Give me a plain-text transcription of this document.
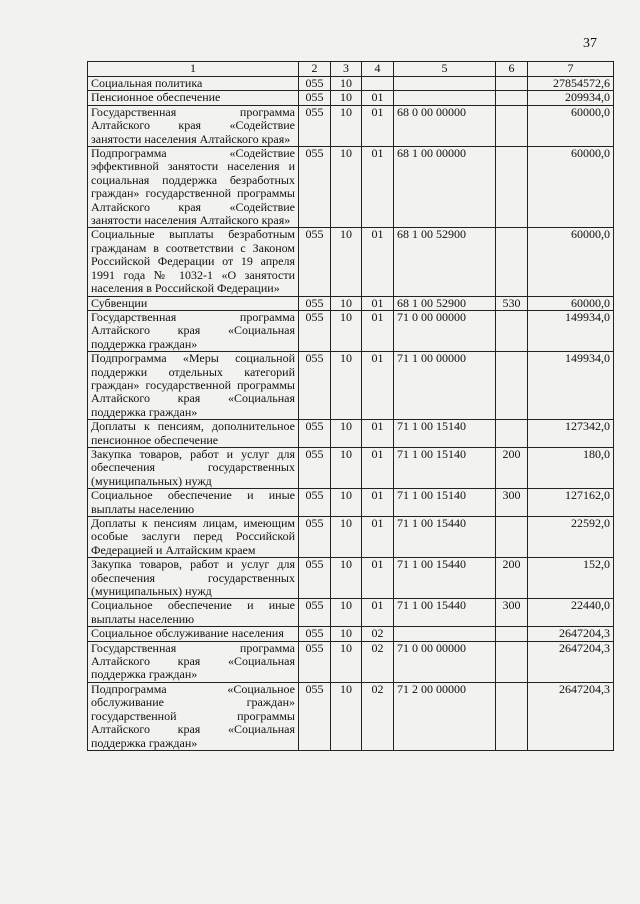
37
1	2	3	4	5	6	7
Социальная политика	055	10				27854572,6
Пенсионное обеспечение	055	10	01			209934,0
Государственная программа Алтайского края «Содействие занятости населения Алтайского края»	055	10	01	68 0 00 00000		60000,0
Подпрограмма «Содействие эффективной занятости населения и социальная поддержка безработных граждан» государственной программы Алтайского края «Содействие занятости населения Алтайского края»	055	10	01	68 1 00 00000		60000,0
Социальные выплаты безработным гражданам в соответствии с Законом Российской Федерации от 19 апреля 1991 года № 1032-1 «О занятости населения в Российской Федерации»	055	10	01	68 1 00 52900		60000,0
Субвенции	055	10	01	68 1 00 52900	530	60000,0
Государственная программа Алтайского края «Социальная поддержка граждан»	055	10	01	71 0 00 00000		149934,0
Подпрограмма «Меры социальной поддержки отдельных категорий граждан» государственной программы Алтайского края «Социальная поддержка граждан»	055	10	01	71 1 00 00000		149934,0
Доплаты к пенсиям, дополнительное пенсионное обеспечение	055	10	01	71 1 00 15140		127342,0
Закупка товаров, работ и услуг для обеспечения государственных (муниципальных) нужд	055	10	01	71 1 00 15140	200	180,0
Социальное обеспечение и иные выплаты населению	055	10	01	71 1 00 15140	300	127162,0
Доплаты к пенсиям лицам, имеющим особые заслуги перед Российской Федерацией и Алтайским краем	055	10	01	71 1 00 15440		22592,0
Закупка товаров, работ и услуг для обеспечения государственных (муниципальных) нужд	055	10	01	71 1 00 15440	200	152,0
Социальное обеспечение и иные выплаты населению	055	10	01	71 1 00 15440	300	22440,0
Социальное обслуживание населения	055	10	02			2647204,3
Государственная программа Алтайского края «Социальная поддержка граждан»	055	10	02	71 0 00 00000		2647204,3
Подпрограмма «Социальное обслуживание граждан» государственной программы Алтайского края «Социальная поддержка граждан»	055	10	02	71 2 00 00000		2647204,3
